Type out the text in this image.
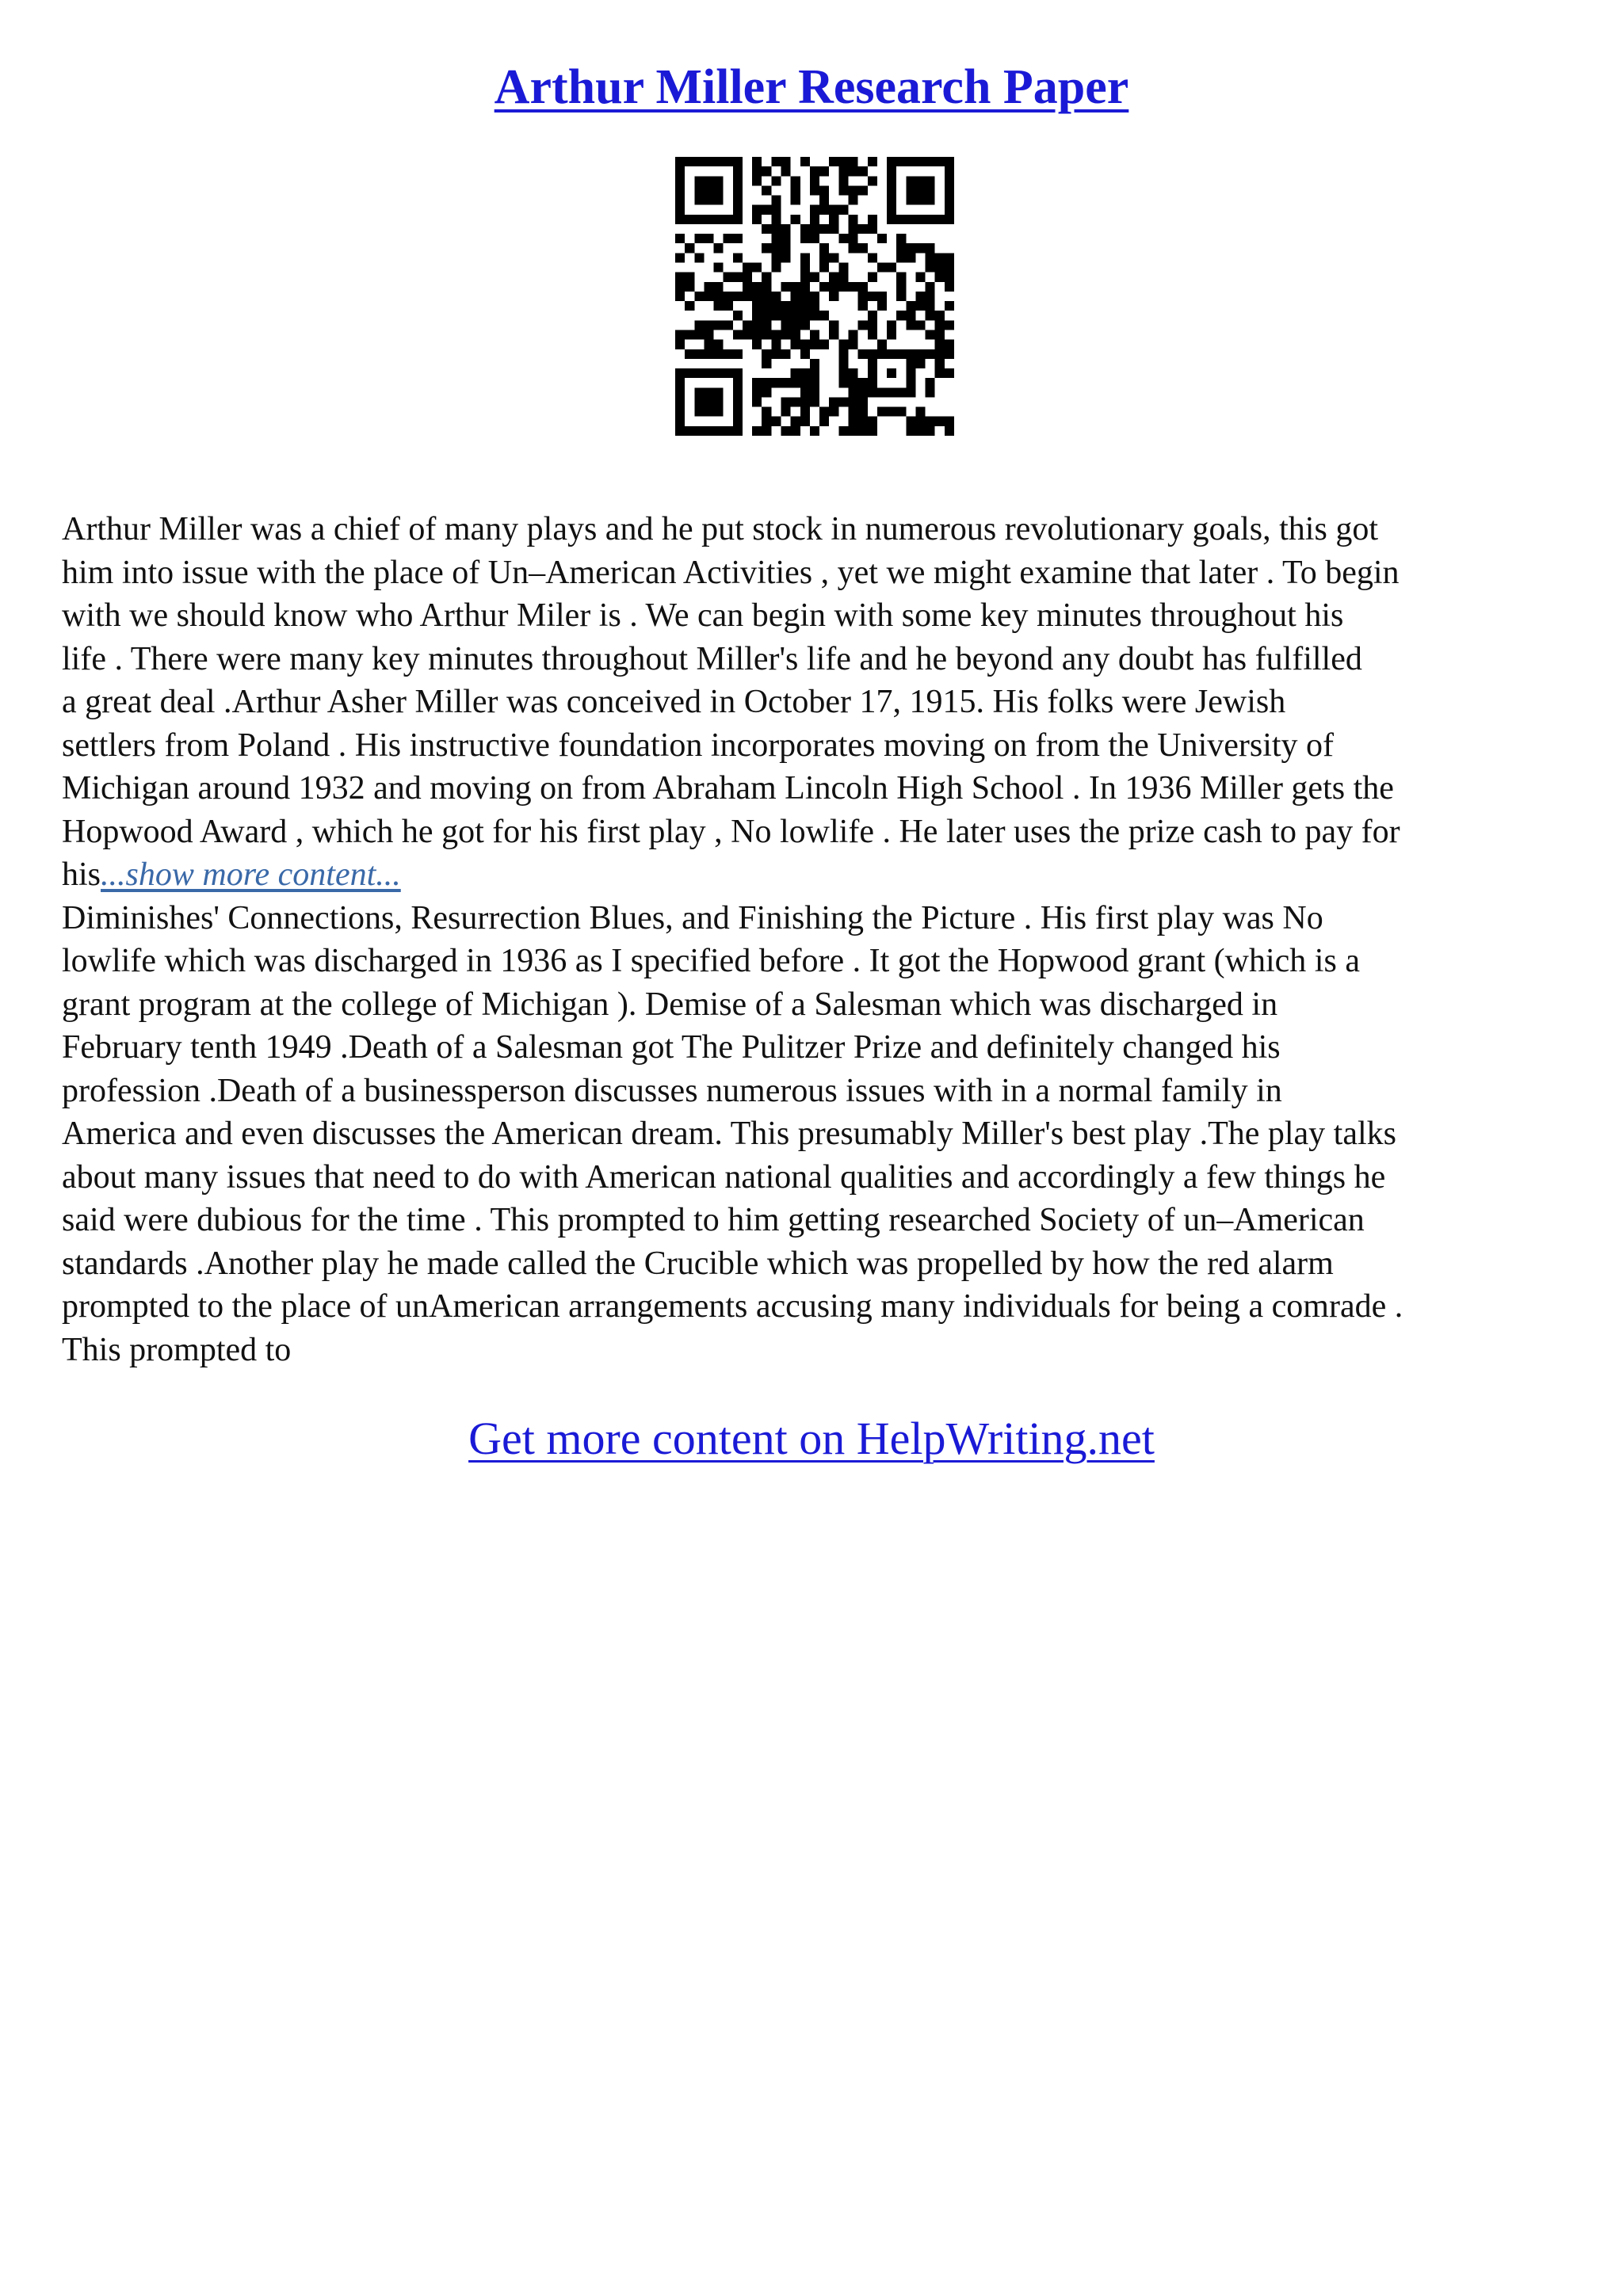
Arthur Miller Research Paper

Arthur Miller was a chief of many plays and he put stock in numerous revolutionary goals, this got

him into issue with the place of Un–American Activities , yet we might examine that later . To begin

with we should know who Arthur Miler is . We can begin with some key minutes throughout his

life . There were many key minutes throughout Miller's life and he beyond any doubt has fulfilled

a great deal .Arthur Asher Miller was conceived in October 17, 1915. His folks were Jewish

settlers from Poland . His instructive foundation incorporates moving on from the University of

Michigan around 1932 and moving on from Abraham Lincoln High School . In 1936 Miller gets the

Hopwood Award , which he got for his first play , No lowlife . He later uses the prize cash to pay for

his...show more content...

Diminishes' Connections, Resurrection Blues, and Finishing the Picture . His first play was No

lowlife which was discharged in 1936 as I specified before . It got the Hopwood grant (which is a

grant program at the college of Michigan ). Demise of a Salesman which was discharged in

February tenth 1949 .Death of a Salesman got The Pulitzer Prize and definitely changed his

profession .Death of a businessperson discusses numerous issues with in a normal family in

America and even discusses the American dream. This presumably Miller's best play .The play talks

about many issues that need to do with American national qualities and accordingly a few things he

said were dubious for the time . This prompted to him getting researched Society of un–American

standards .Another play he made called the Crucible which was propelled by how the red alarm

prompted to the place of unAmerican arrangements accusing many individuals for being a comrade .

This prompted to

Get more content on HelpWriting.net
